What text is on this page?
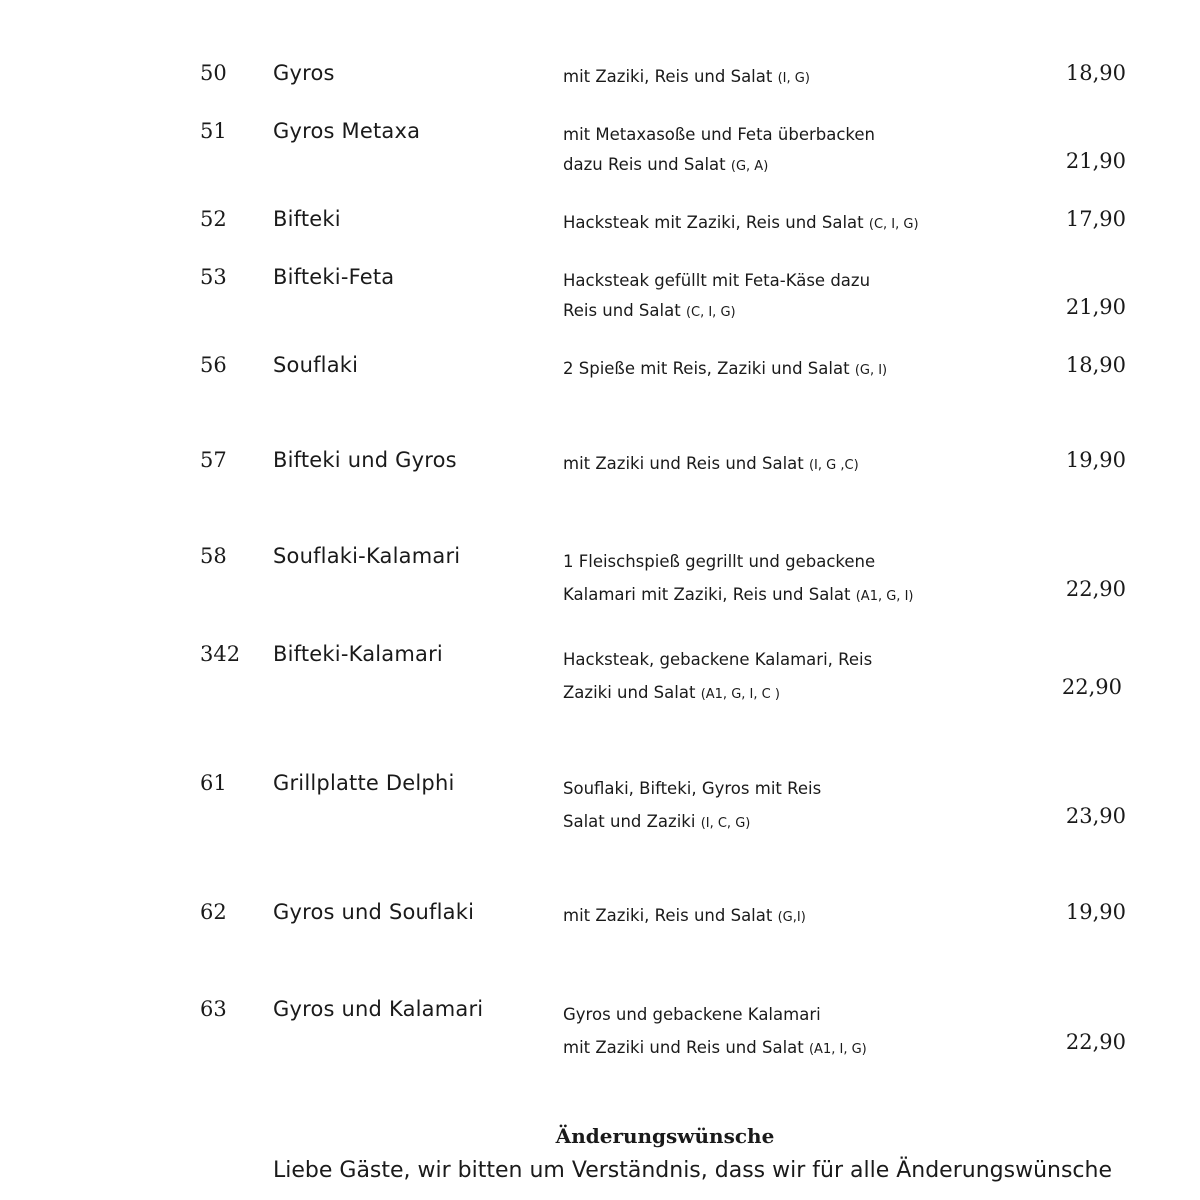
50 Gyros	mit Zaziki, Reis und Salat (I, G)	18,90
51 Gyros Metaxa	mit Metaxasoße und Feta überbacken
dazu Reis und Salat (G, A)	21,90
52 Bifteki	Hacksteak mit Zaziki, Reis und Salat (C, I, G)	17,90
53 Bifteki-Feta	Hacksteak gefüllt mit Feta-Käse dazu
Reis und Salat (C, I, G)	21,90
56 Souflaki	2 Spieße mit Reis, Zaziki und Salat (G, I)	18,90
57 Bifteki und Gyros	mit Zaziki und Reis und Salat (I, G ,C)	19,90
58 Souflaki-Kalamari	1 Fleischspieß gegrillt und gebackene
Kalamari mit Zaziki, Reis und Salat (A1, G, I)	22,90
342 Bifteki-Kalamari	Hacksteak, gebackene Kalamari, Reis
Zaziki und Salat (A1, G, I, C )	22,90
61 Grillplatte Delphi	Souflaki, Bifteki, Gyros mit Reis
Salat und Zaziki (I, C, G)	23,90
62 Gyros und Souflaki	mit Zaziki, Reis und Salat (G,I)	19,90
63 Gyros und Kalamari	Gyros und gebackene Kalamari
mit Zaziki und Reis und Salat (A1, I, G)	22,90
Änderungswünsche
Liebe Gäste, wir bitten um Verständnis, dass wir für alle Änderungswünsche
